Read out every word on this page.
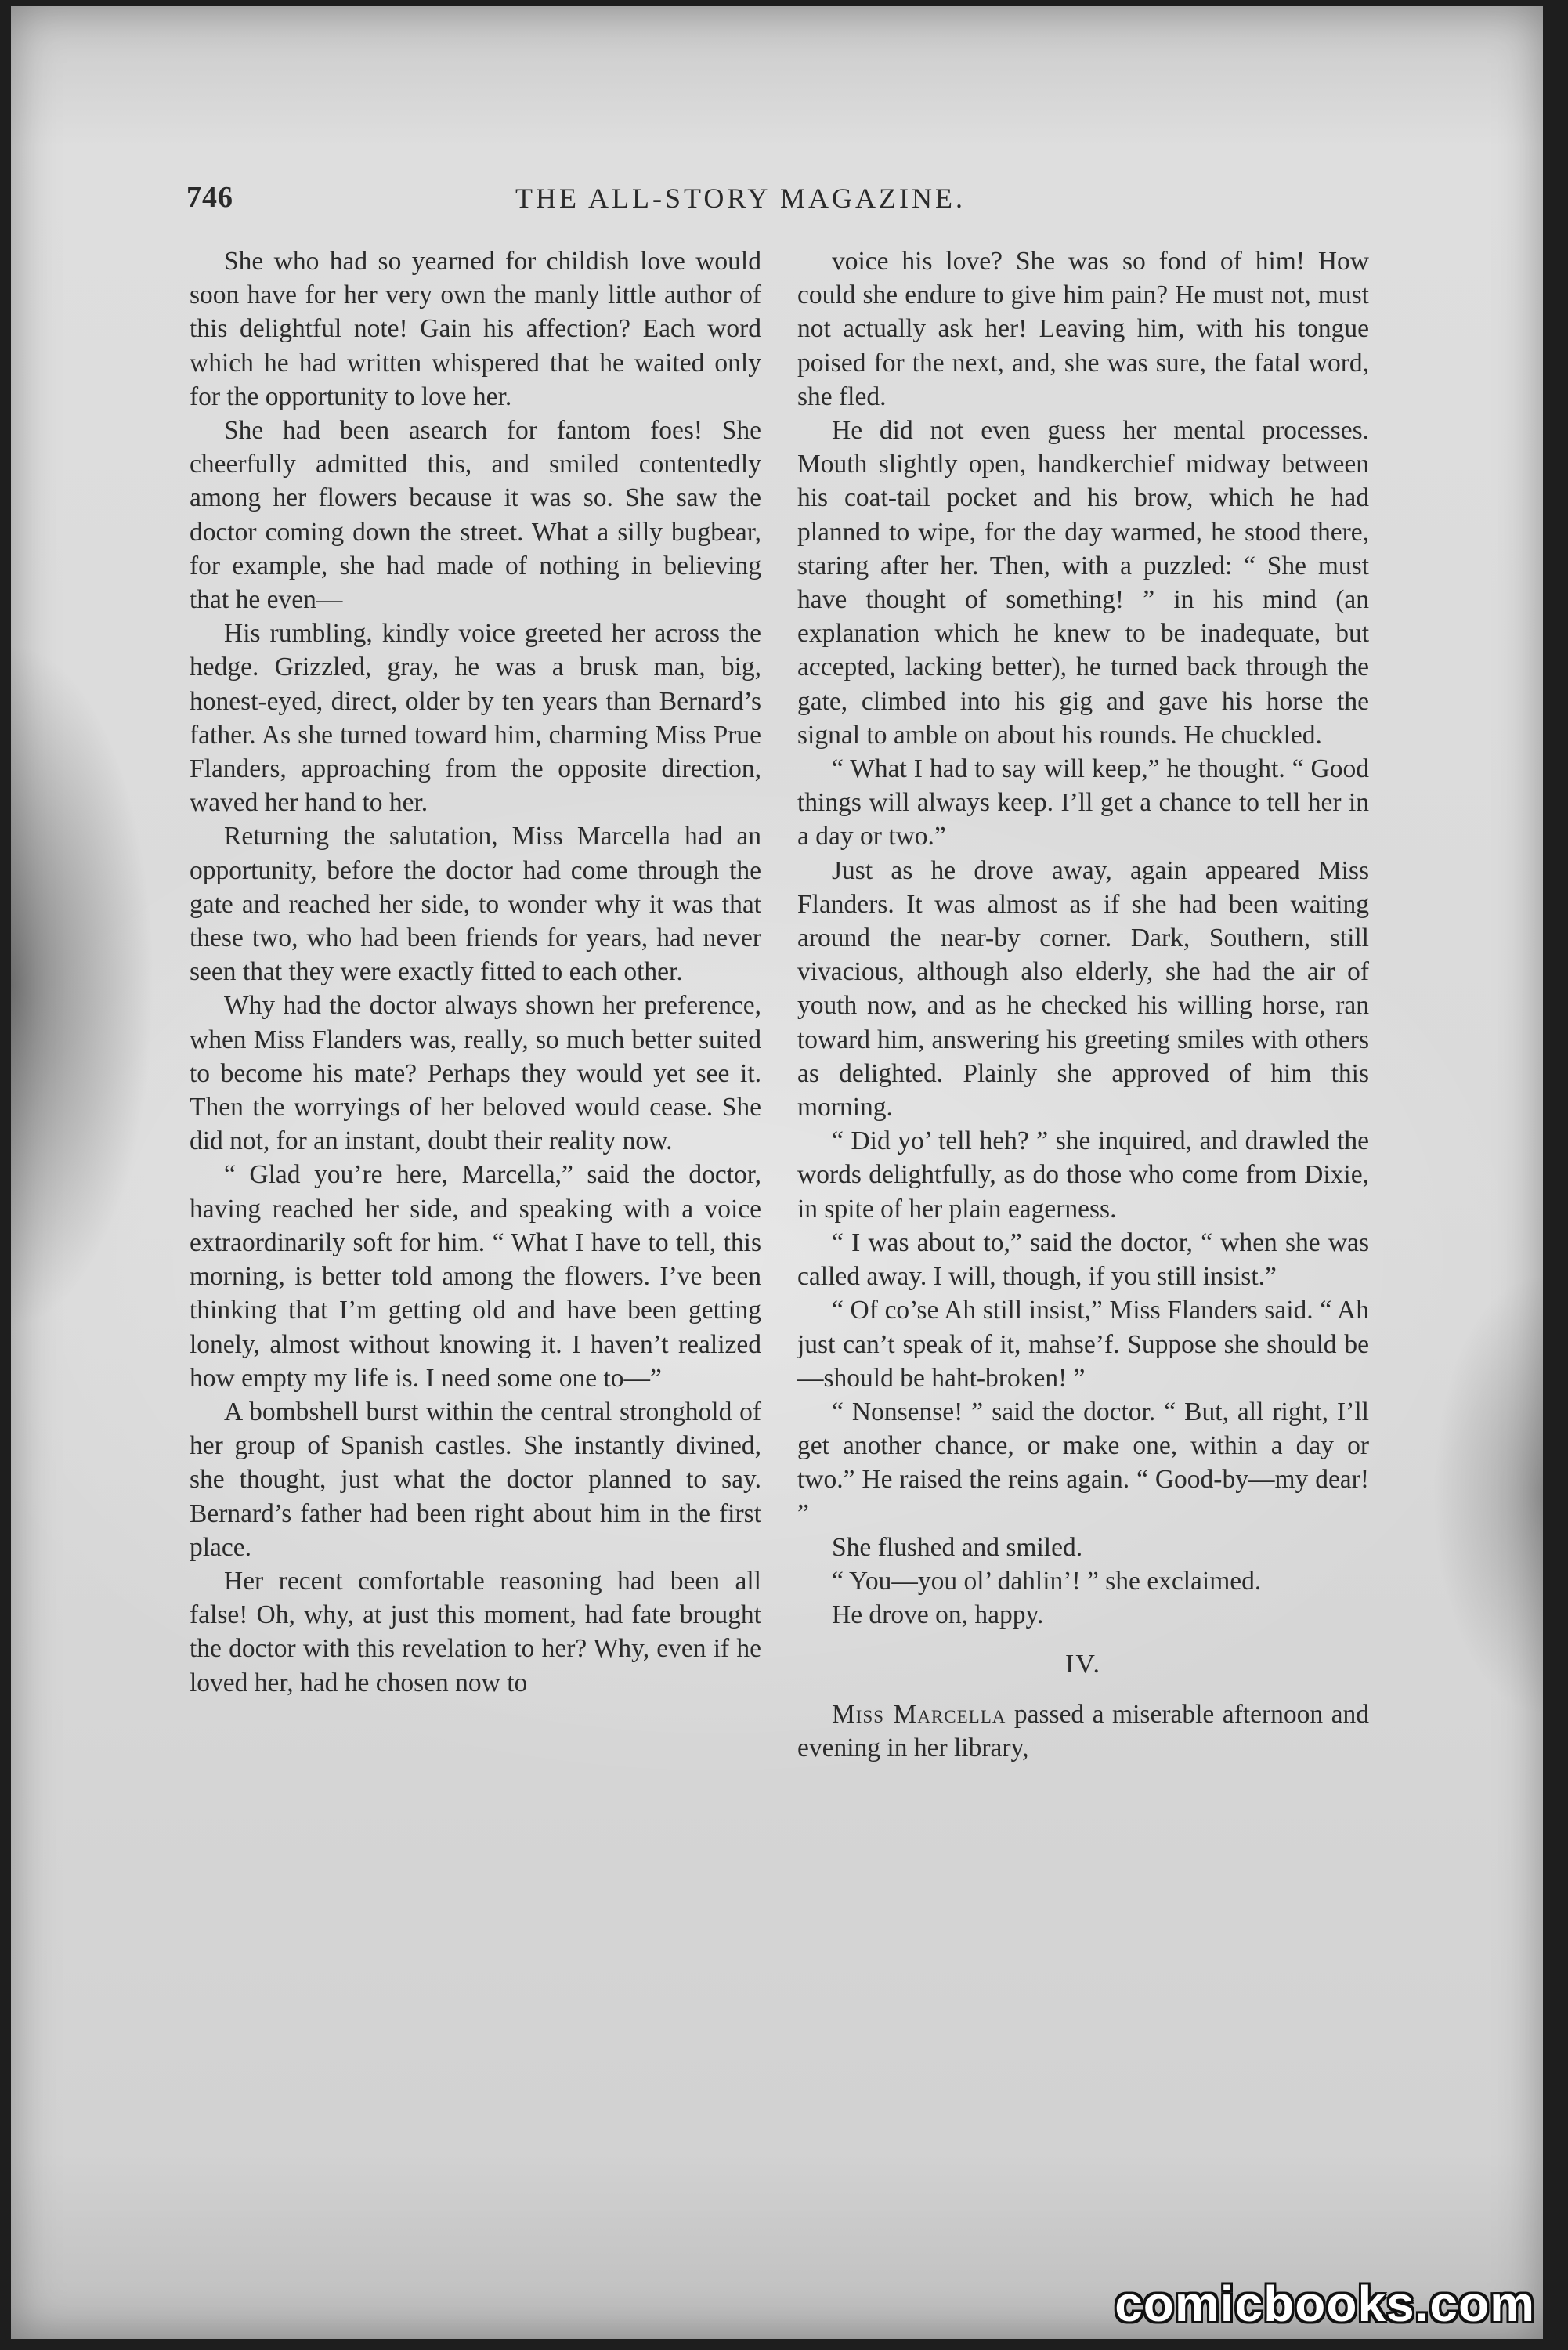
746	THE ALL-STORY MAGAZINE.

She who had so yearned for childish love would soon have for her very own the manly little author of this delightful note! Gain his affection? Each word which he had written whispered that he waited only for the opportunity to love her.

She had been asearch for fantom foes! She cheerfully admitted this, and smiled contentedly among her flowers because it was so. She saw the doctor coming down the street. What a silly bugbear, for example, she had made of nothing in believing that he even—

His rumbling, kindly voice greeted her across the hedge. Grizzled, gray, he was a brusk man, big, honest-eyed, direct, older by ten years than Bernard’s father. As she turned toward him, charming Miss Prue Flanders, approaching from the opposite direction, waved her hand to her.

Returning the salutation, Miss Marcella had an opportunity, before the doctor had come through the gate and reached her side, to wonder why it was that these two, who had been friends for years, had never seen that they were exactly fitted to each other.

Why had the doctor always shown her preference, when Miss Flanders was, really, so much better suited to become his mate? Perhaps they would yet see it. Then the worryings of her beloved would cease. She did not, for an instant, doubt their reality now.

“ Glad you’re here, Marcella,” said the doctor, having reached her side, and speaking with a voice extraordinarily soft for him. “ What I have to tell, this morning, is better told among the flowers. I’ve been thinking that I’m getting old and have been getting lonely, almost without knowing it. I haven’t realized how empty my life is. I need some one to—”

A bombshell burst within the central stronghold of her group of Spanish castles. She instantly divined, she thought, just what the doctor planned to say. Bernard’s father had been right about him in the first place.

Her recent comfortable reasoning had been all false! Oh, why, at just this moment, had fate brought the doctor with this revelation to her? Why, even if he loved her, had he chosen now to

voice his love? She was so fond of him! How could she endure to give him pain? He must not, must not actually ask her! Leaving him, with his tongue poised for the next, and, she was sure, the fatal word, she fled.

He did not even guess her mental processes. Mouth slightly open, handkerchief midway between his coat-tail pocket and his brow, which he had planned to wipe, for the day warmed, he stood there, staring after her. Then, with a puzzled: “ She must have thought of something! ” in his mind (an explanation which he knew to be inadequate, but accepted, lacking better), he turned back through the gate, climbed into his gig and gave his horse the signal to amble on about his rounds. He chuckled.

“ What I had to say will keep,” he thought. “ Good things will always keep. I’ll get a chance to tell her in a day or two.”

Just as he drove away, again appeared Miss Flanders. It was almost as if she had been waiting around the near-by corner. Dark, Southern, still vivacious, although also elderly, she had the air of youth now, and as he checked his willing horse, ran toward him, answering his greeting smiles with others as delighted. Plainly she approved of him this morning.

“ Did yo’ tell heh? ” she inquired, and drawled the words delightfully, as do those who come from Dixie, in spite of her plain eagerness.

“ I was about to,” said the doctor, “ when she was called away. I will, though, if you still insist.”

“ Of co’se Ah still insist,” Miss Flanders said. “ Ah just can’t speak of it, mahse’f. Suppose she should be—should be haht-broken! ”

“ Nonsense! ” said the doctor. “ But, all right, I’ll get another chance, or make one, within a day or two.” He raised the reins again. “ Good-by—my dear! ”

She flushed and smiled.

“ You—you ol’ dahlin’! ” she exclaimed.

He drove on, happy.

IV.

Miss Marcella passed a miserable afternoon and evening in her library,

comicbooks.com
